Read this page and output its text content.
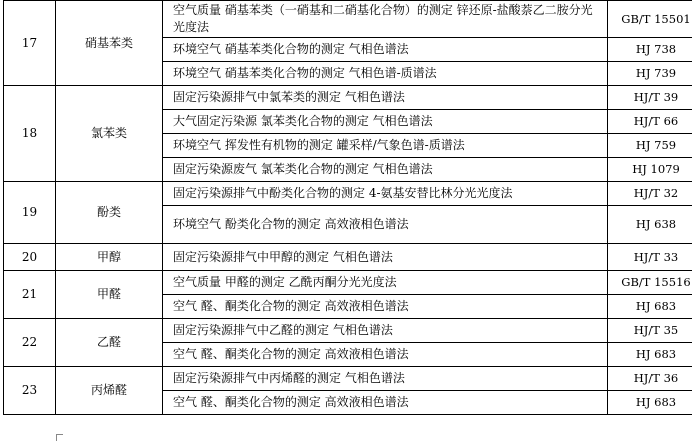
17	硝基苯类	空气质量 硝基苯类（一硝基和二硝基化合物）的测定 锌还原-盐酸萘乙二胺分光光度法	GB/T 15501
		环境空气 硝基苯类化合物的测定 气相色谱法	HJ 738
		环境空气 硝基苯类化合物的测定 气相色谱-质谱法	HJ 739
18	氯苯类	固定污染源排气中氯苯类的测定 气相色谱法	HJ/T 39
		大气固定污染源 氯苯类化合物的测定 气相色谱法	HJ/T 66
		环境空气 挥发性有机物的测定 罐采样/气象色谱-质谱法	HJ 759
		固定污染源废气 氯苯类化合物的测定 气相色谱法	HJ 1079
19	酚类	固定污染源排气中酚类化合物的测定 4-氨基安替比林分光光度法	HJ/T 32
		环境空气 酚类化合物的测定 高效液相色谱法	HJ 638
20	甲醇	固定污染源排气中甲醇的测定 气相色谱法	HJ/T 33
21	甲醛	空气质量 甲醛的测定 乙酰丙酮分光光度法	GB/T 15516
		空气 醛、酮类化合物的测定 高效液相色谱法	HJ 683
22	乙醛	固定污染源排气中乙醛的测定 气相色谱法	HJ/T 35
		空气 醛、酮类化合物的测定 高效液相色谱法	HJ 683
23	丙烯醛	固定污染源排气中丙烯醛的测定 气相色谱法	HJ/T 36
		空气 醛、酮类化合物的测定 高效液相色谱法	HJ 683
